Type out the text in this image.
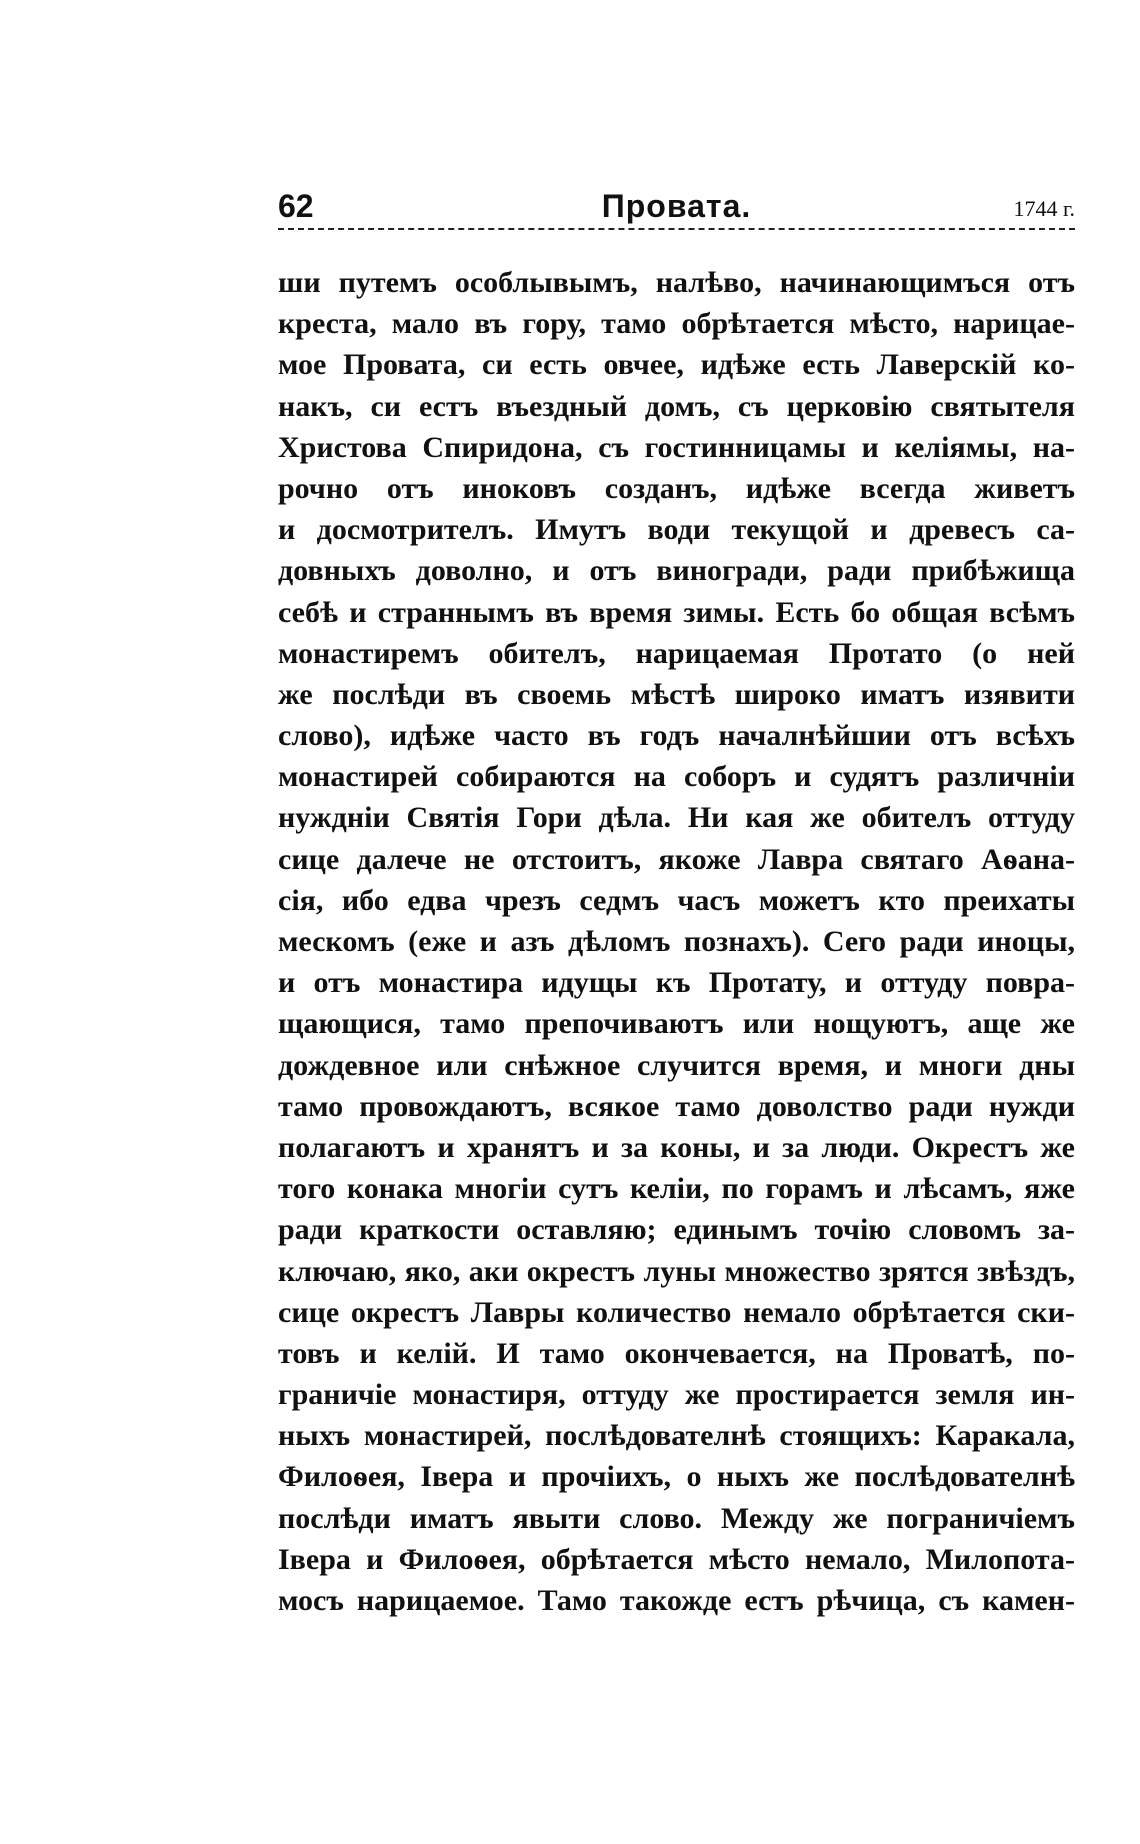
62	Провата.	1744 г.
ши путемъ особлывымъ, налѣво, начинающимъся отъ
креста, мало въ гору, тамо обрѣтается мѣсто, нарицае-
мое Провата, си есть овчее, идѣже есть Лаверскій ко-
накъ, си естъ въездный домъ, съ церковію святытеля
Христова Спиридона, съ гостинницамы и келіямы, на-
рочно отъ иноковъ созданъ, идѣже всегда живетъ
и досмотрителъ. Имутъ води текущой и древесъ са-
довныхъ доволно, и отъ виногради, ради прибѣжища
себѣ и страннымъ въ время зимы. Есть бо общая всѣмъ
монастиремъ обителъ, нарицаемая Протато (о ней
же послѣди въ своемь мѣстѣ широко иматъ изявити
слово), идѣже часто въ годъ началнѣйшии отъ всѣхъ
монастирей собираются на соборъ и судятъ различніи
нуждніи Святія Гори дѣла. Ни кая же обителъ оттуду
сице далече не отстоитъ, якоже Лавра святаго Аѳана-
сія, ибо едва чрезъ седмъ часъ можетъ кто преихаты
мескомъ (еже и азъ дѣломъ познахъ). Сего ради иноцы,
и отъ монастира идущы къ Протату, и оттуду повра-
щающися, тамо препочиваютъ или нощуютъ, аще же
дождевное или снѣжное случится время, и многи дны
тамо провождаютъ, всякое тамо доволство ради нужди
полагаютъ и хранятъ и за коны, и за люди. Окрестъ же
того конака многіи сутъ келіи, по горамъ и лѣсамъ, яже
ради краткости оставляю; единымъ точію словомъ за-
ключаю, яко, аки окрестъ луны множество зрятся звѣздъ,
сице окрестъ Лавры количество немало обрѣтается ски-
товъ и келій. И тамо окончевается, на Проватѣ, по-
граничіе монастиря, оттуду же простирается земля ин-
ныхъ монастирей, послѣдователнѣ стоящихъ: Каракала,
Филоѳея, Івера и прочіихъ, о ныхъ же послѣдователнѣ
послѣди иматъ явыти слово. Между же пограничіемъ
Івера и Филоѳея, обрѣтается мѣсто немало, Милопота-
мосъ нарицаемое. Тамо такожде естъ рѣчица, съ камен-
